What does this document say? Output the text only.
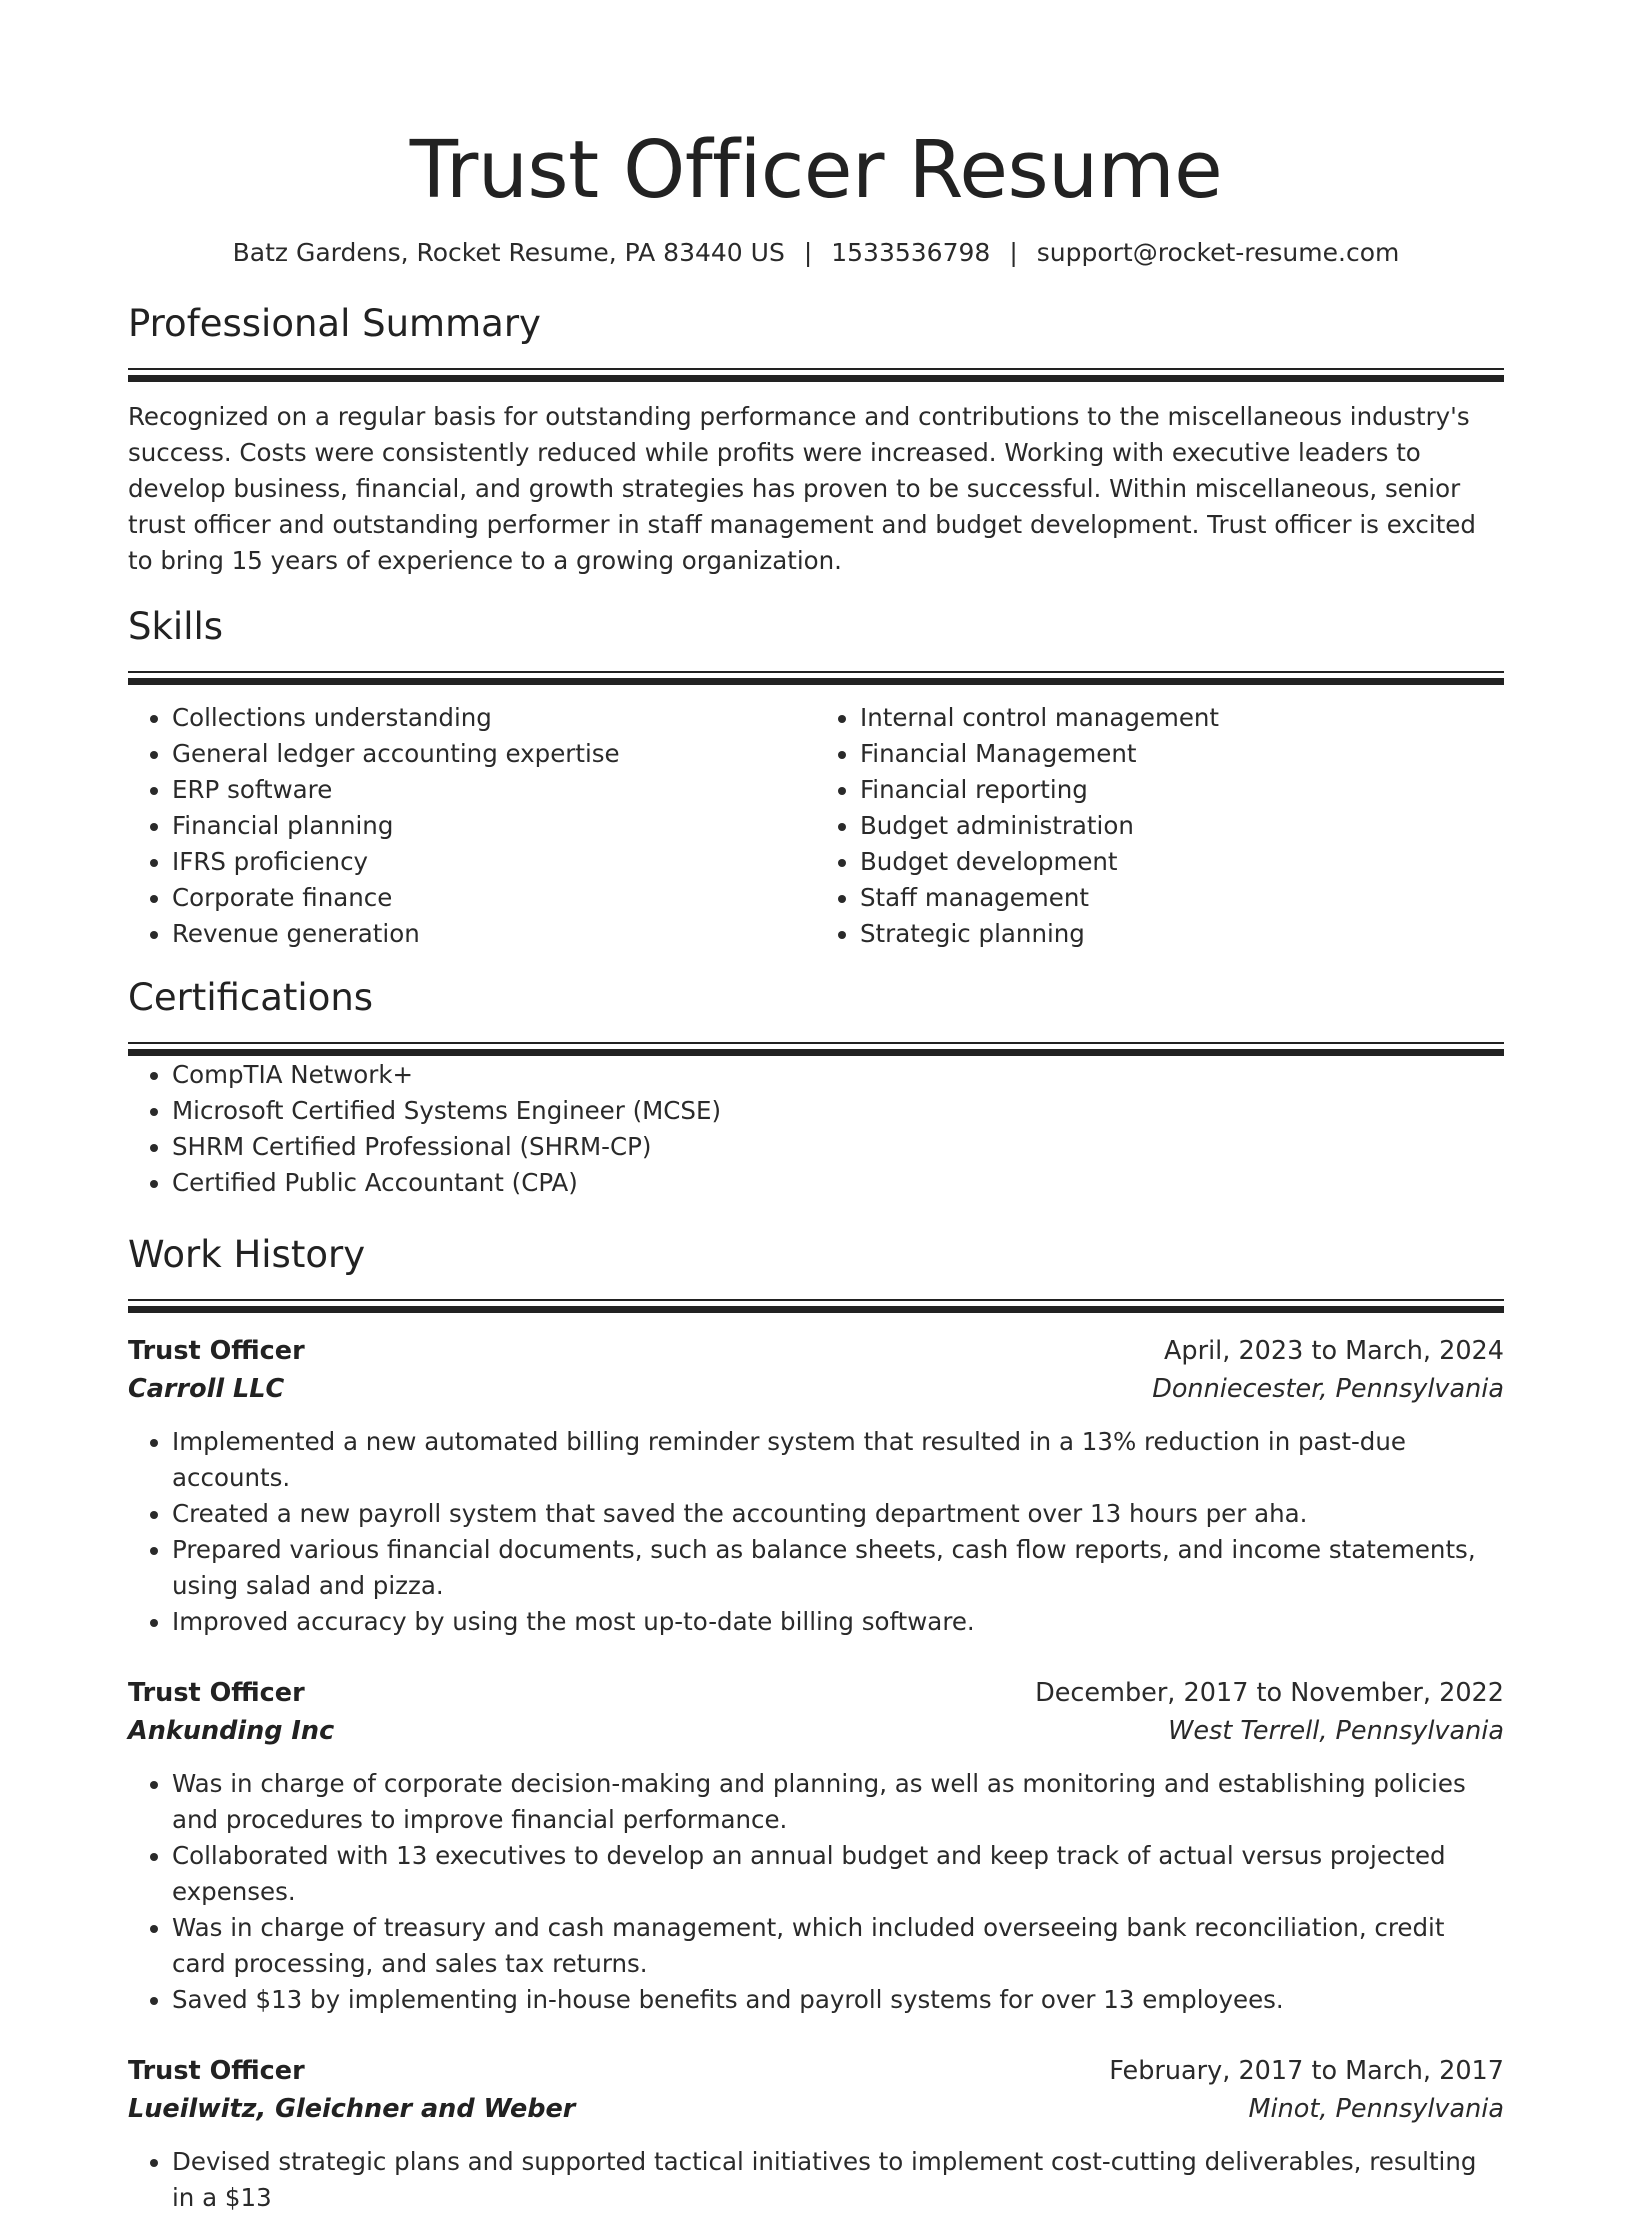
Trust Officer Resume
Batz Gardens, Rocket Resume, PA 83440 US | 1533536798 | support@rocket-resume.com
Professional Summary

Recognized on a regular basis for outstanding performance and contributions to the miscellaneous industry's success. Costs were consistently reduced while profits were increased. Working with executive leaders to develop business, financial, and growth strategies has proven to be successful. Within miscellaneous, senior trust officer and outstanding performer in staff management and budget development. Trust officer is excited to bring 15 years of experience to a growing organization.

Skills
• Collections understanding
• General ledger accounting expertise
• ERP software
• Financial planning
• IFRS proficiency
• Corporate finance
• Revenue generation
• Internal control management
• Financial Management
• Financial reporting
• Budget administration
• Budget development
• Staff management
• Strategic planning
Certifications
• CompTIA Network+
• Microsoft Certified Systems Engineer (MCSE)
• SHRM Certified Professional (SHRM-CP)
• Certified Public Accountant (CPA)
Work History
Trust Officer	April, 2023 to March, 2024
Carroll LLC	Donniecester, Pennsylvania
• Implemented a new automated billing reminder system that resulted in a 13% reduction in past-due accounts.
• Created a new payroll system that saved the accounting department over 13 hours per aha.
• Prepared various financial documents, such as balance sheets, cash flow reports, and income statements, using salad and pizza.
• Improved accuracy by using the most up-to-date billing software.
Trust Officer	December, 2017 to November, 2022
Ankunding Inc	West Terrell, Pennsylvania
• Was in charge of corporate decision-making and planning, as well as monitoring and establishing policies and procedures to improve financial performance.
• Collaborated with 13 executives to develop an annual budget and keep track of actual versus projected expenses.
• Was in charge of treasury and cash management, which included overseeing bank reconciliation, credit card processing, and sales tax returns.
• Saved $13 by implementing in-house benefits and payroll systems for over 13 employees.
Trust Officer	February, 2017 to March, 2017
Lueilwitz, Gleichner and Weber	Minot, Pennsylvania
• Devised strategic plans and supported tactical initiatives to implement cost-cutting deliverables, resulting in a $13
